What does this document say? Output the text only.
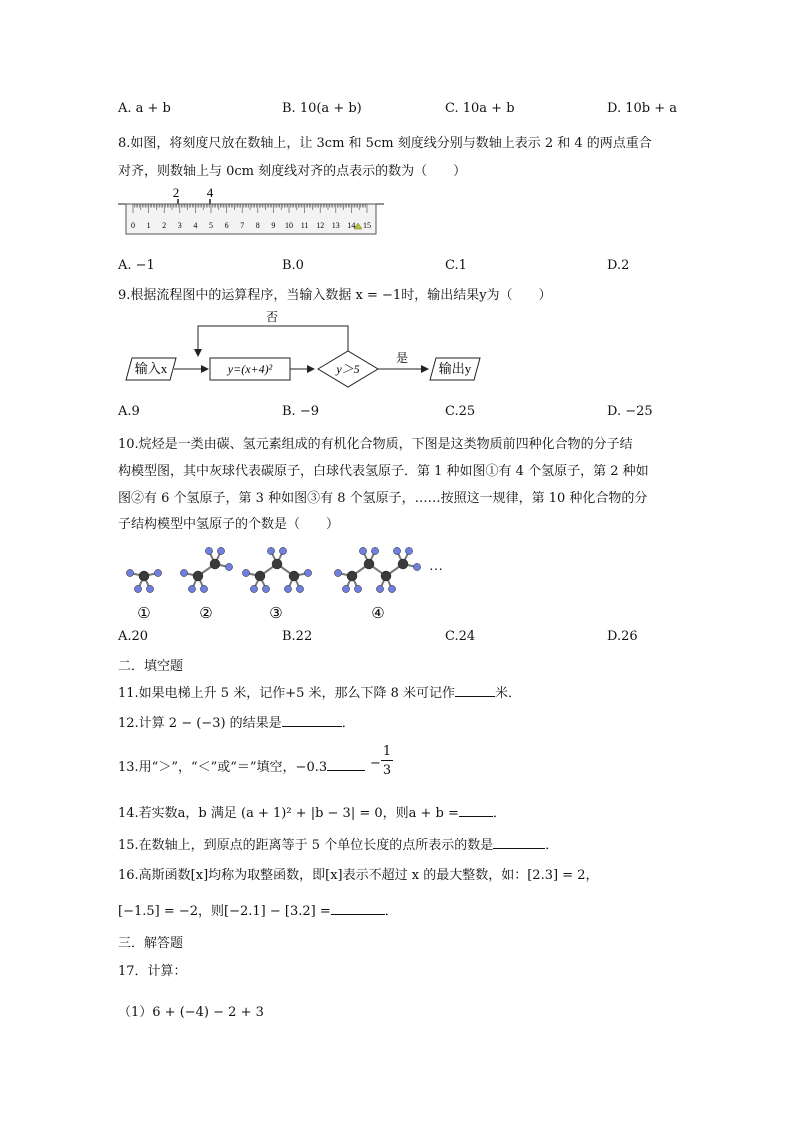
A. a + b	B. 10(a + b)	C. 10a + b	D. 10b + a
8.如图，将刻度尺放在数轴上，让 3cm 和 5cm 刻度线分别与数轴上表示 2 和 4 的两点重合
对齐，则数轴上与 0cm 刻度线对齐的点表示的数为（　　）
2 4
0 1 2 3 4 5 6 7 8 9 10 11 12 13 14 15
A. −1	B.0	C.1	D.2
9.根据流程图中的运算程序，当输入数据 x = −1时，输出结果y为（　　）
输入x	y=(x+4)²	y＞5
否
是
输出y
A.9	B. −9	C.25	D. −25
10.烷烃是一类由碳、氢元素组成的有机化合物质，下图是这类物质前四种化合物的分子结
构模型图，其中灰球代表碳原子，白球代表氢原子．第 1 种如图①有 4 个氢原子，第 2 种如
图②有 6 个氢原子，第 3 种如图③有 8 个氢原子，……按照这一规律，第 10 种化合物的分
子结构模型中氢原子的个数是（　　）
①	②	③	④
…
A.20	B.22	C.24	D.26
二．填空题
11.如果电梯上升 5 米，记作+5 米，那么下降 8 米可记作	米．
12.计算 2 − (−3) 的结果是	．
13.用“＞”，“＜”或“＝”填空，−0.3	−
1
3
14.若实数a，b 满足 (a + 1)² + |b − 3| = 0，则a + b =	．
15.在数轴上，到原点的距离等于 5 个单位长度的点所表示的数是	．
16.高斯函数[x]均称为取整函数，即[x]表示不超过 x 的最大整数，如：[2.3] = 2，
[−1.5] = −2，则[−2.1] − [3.2] =	．
三．解答题
17．计算：
（1）6 + (−4) − 2 + 3
